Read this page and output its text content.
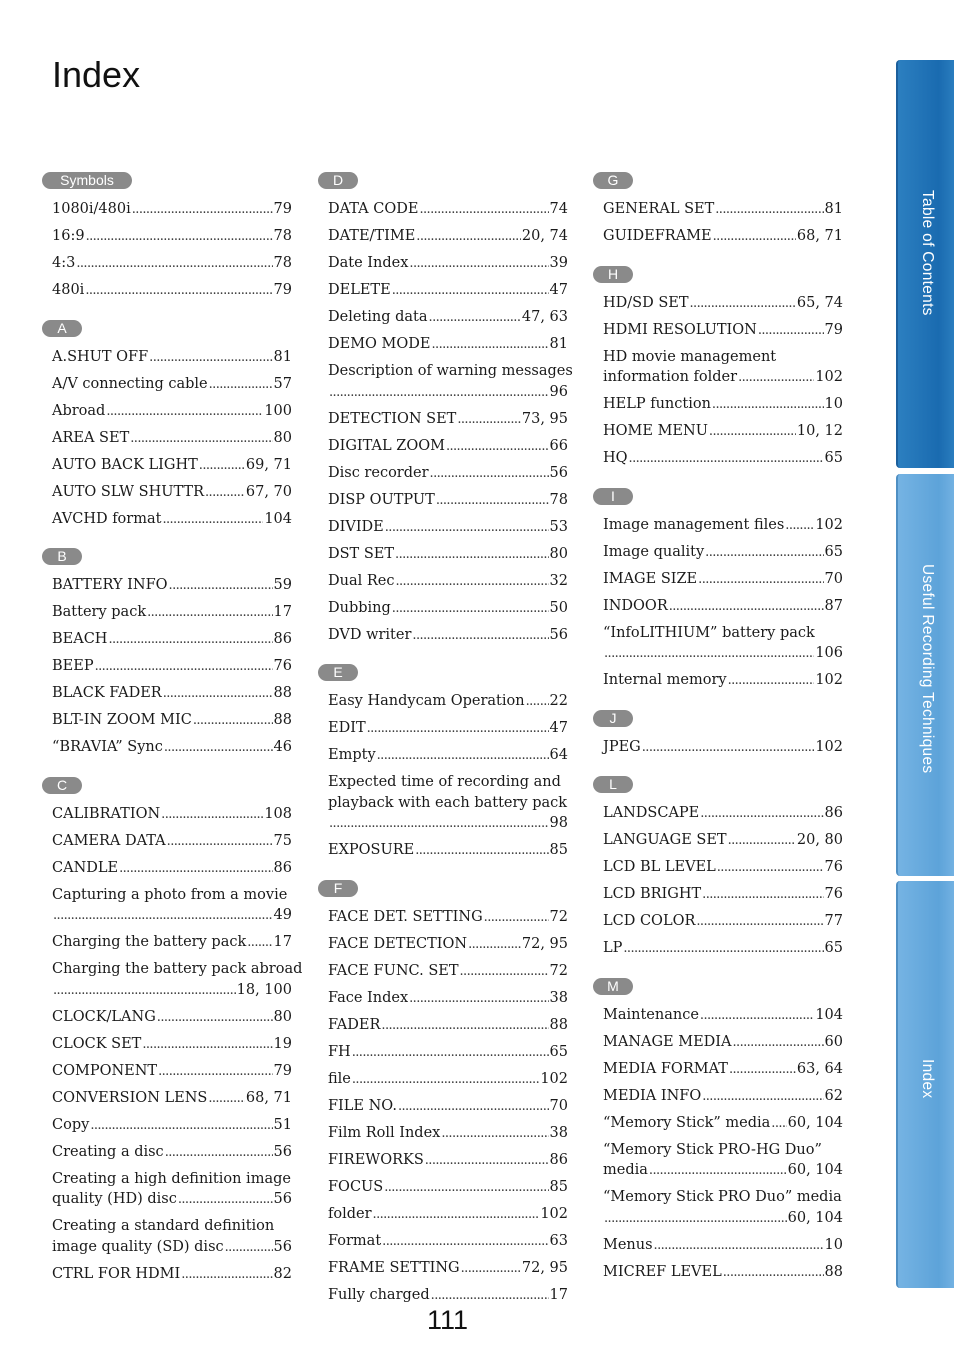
Index
Symbols
1080i/480i .....	79
16:9 .....	78
4:3 .....	78
480i .....	79
A
A.SHUT OFF .....	81
A/V connecting cable .....	57
Abroad .....	100
AREA SET .....	80
AUTO BACK LIGHT .....	69, 71
AUTO SLW SHUTTR .....	67, 70
AVCHD format .....	104
B
BATTERY INFO .....	59
Battery pack .....	17
BEACH .....	86
BEEP .....	76
BLACK FADER .....	88
BLT-IN ZOOM MIC .....	88
“BRAVIA” Sync .....	46
C
CALIBRATION .....	108
CAMERA DATA .....	75
CANDLE .....	86
Capturing a photo from a movie
.....
49
Charging the battery pack ..... 17
Charging the battery pack abroad
.....
18, 100
CLOCK/LANG .....	80
CLOCK SET .....	19
COMPONENT .....	79
CONVERSION LENS .....	68, 71
Copy .....	51
Creating a disc .....	56
Creating a high definition image
quality (HD) disc .....	56
Creating a standard definition
image quality (SD) disc .....	56
CTRL FOR HDMI .....	82
D
DATA CODE .....	74
DATE/TIME .....	20, 74
Date Index .....	39
DELETE .....	47
Deleting data .....	47, 63
DEMO MODE .....	81
Description of warning messages
.....
96
DETECTION SET .....	73, 95
DIGITAL ZOOM .....	66
Disc recorder .....	56
DISP OUTPUT .....	78
DIVIDE .....	53
DST SET .....	80
Dual Rec .....	32
Dubbing .....	50
DVD writer .....	56
E
Easy Handycam Operation ..... 22
EDIT .....	47
Empty .....	64
Expected time of recording and
playback with each battery pack
.....
98
EXPOSURE .....	85
F
FACE DET. SETTING .....	72
FACE DETECTION .....	72, 95
FACE FUNC. SET .....	72
Face Index .....	38
FADER .....	88
FH .....	65
file .....	102
FILE NO. .....	70
Film Roll Index .....	38
FIREWORKS .....	86
FOCUS .....	85
folder .....	102
Format .....	63
FRAME SETTING .....	72, 95
Fully charged .....	17
G
GENERAL SET .....	81
GUIDEFRAME .....	68, 71
H
HD/SD SET .....	65, 74
HDMI RESOLUTION .....	79
HD movie management
information folder .....	102
HELP function .....	10
HOME MENU .....	10, 12
HQ .....	65
I
Image management files ..... 102
Image quality .....	65
IMAGE SIZE .....	70
INDOOR .....	87
“InfoLITHIUM” battery pack
.....
106
Internal memory .....	102
J
JPEG .....	102
L
LANDSCAPE .....	86
LANGUAGE SET .....	20, 80
LCD BL LEVEL .....	76
LCD BRIGHT .....	76
LCD COLOR .....	77
LP .....	65
M
Maintenance .....	104
MANAGE MEDIA .....	60
MEDIA FORMAT .....	63, 64
MEDIA INFO .....	62
“Memory Stick” media ..... 60, 104
“Memory Stick PRO-HG Duo”
media .....	60, 104
“Memory Stick PRO Duo” media
.....
60, 104
Menus .....	10
MICREF LEVEL .....	88
111
Table of Contents
Useful Recording Techniques
Index
